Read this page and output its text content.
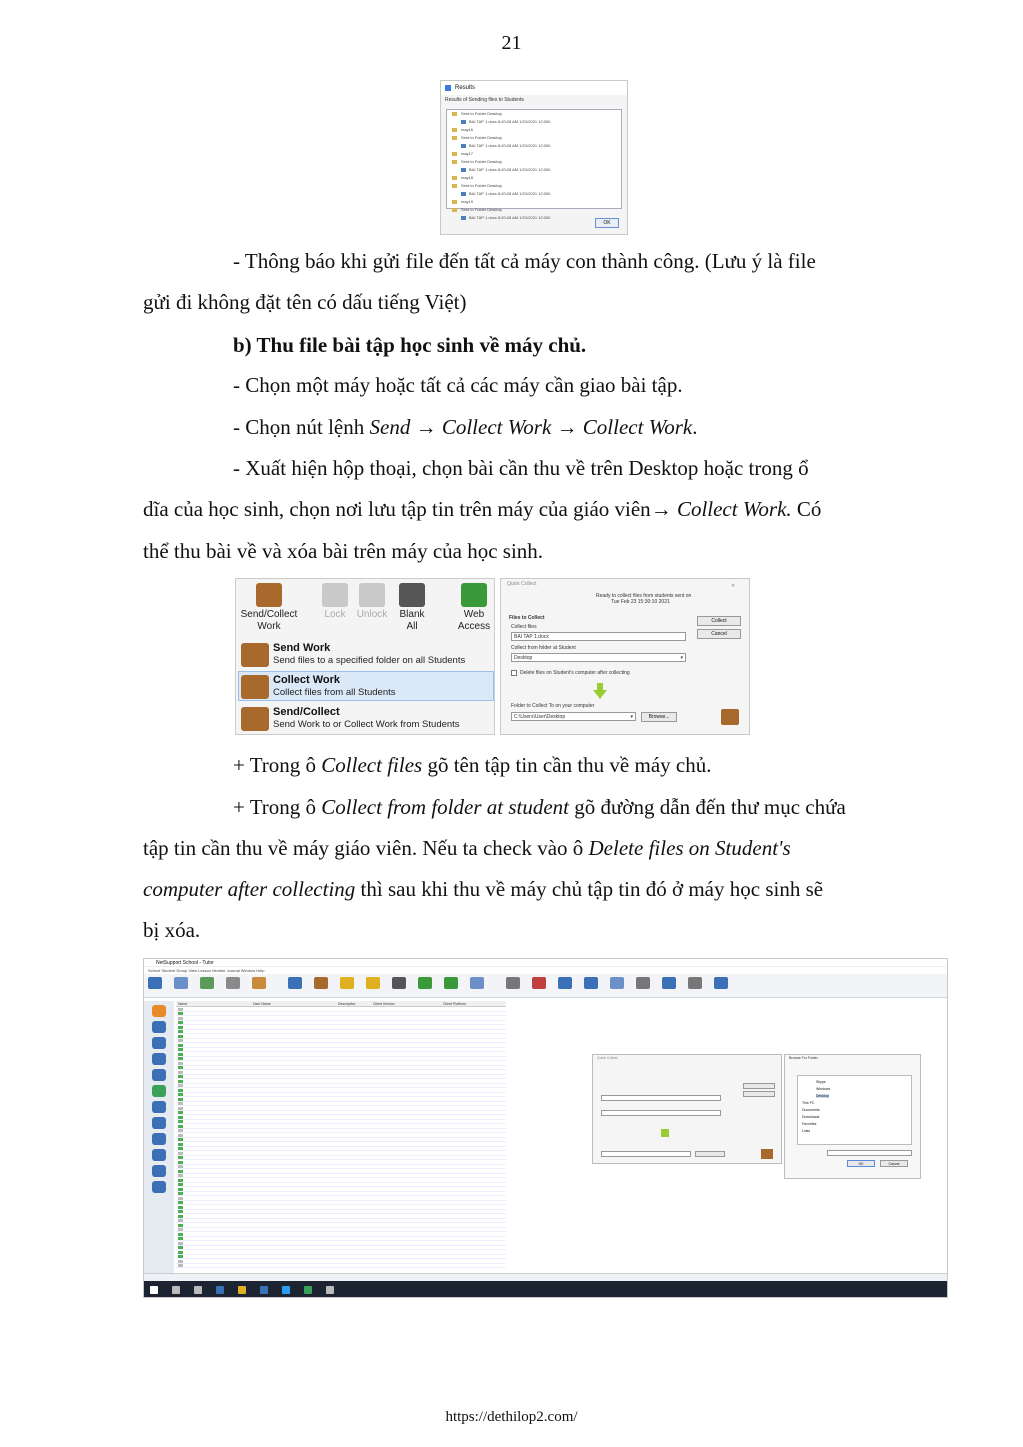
21
Results
Results of Sending files to Students
Sent to Folder Desktop
BAI TAP 1.docx 8:20:28 AM 1/21/2021 12:000
may16
Sent to Folder Desktop
BAI TAP 1.docx 8:20:28 AM 1/21/2021 12:000
may17
Sent to Folder Desktop
BAI TAP 1.docx 8:20:28 AM 1/21/2021 12:000
may18
Sent to Folder Desktop
BAI TAP 1.docx 8:20:28 AM 1/21/2021 12:000
may19
Sent to Folder Desktop
BAI TAP 1.docx 8:20:28 AM 1/21/2021 12:000
OK
- Thông báo khi gửi file đến tất cả máy con thành công. (Lưu ý là file
gửi đi không đặt tên có dấu tiếng Việt)
b) Thu file bài tập học sinh về máy chủ.
- Chọn một máy hoặc tất cả các máy cần giao bài tập.
- Chọn nút lệnh Send → Collect Work → Collect Work.
- Xuất hiện hộp thoại, chọn bài cần thu về trên Desktop hoặc trong ổ
dĩa của học sinh, chọn nơi lưu tập tin trên máy của giáo viên→ Collect Work. Có
thể thu bài về và xóa bài trên máy của học sinh.
Send/Collect
Work
Lock	Unlock	Blank
All
Web
Access
Send Work
Send files to a specified folder on all Students
Collect Work
Collect files from all Students
Send/Collect
Send Work to or Collect Work from Students
Quick Collect	✕
Ready to collect files from students sent on
Tue Feb 23 15:30:10 2021
Files to Collect
Collect files
BAI TAP 1.docx
Collect from folder at Student
Desktop	▾
Delete files on Student's computer after collecting
Folder to Collect To on your computer
C:\Users\User\Desktop	▾	Browse...
Collect
Cancel
+ Trong ô Collect files gõ tên tập tin cần thu về máy chủ.
+ Trong ô Collect from folder at student gõ đường dẫn đến thư mục chứa
tập tin cần thu về máy giáo viên. Nếu ta check vào ô Delete files on Student's
computer after collecting thì sau khi thu về máy chủ tập tin đó ở máy học sinh sẽ
bị xóa.
NetSupport School - Tutor
School Student Group View Lesson Monitor Journal Window Help
Name	User Name	Description	Client Version	Client Platform
Quick Collect	Browse For Folder
Skype
Windows
Desktop
This PC
Documents
Downloads
Favorites
Links
OK	Cancel
https://dethilop2.com/
